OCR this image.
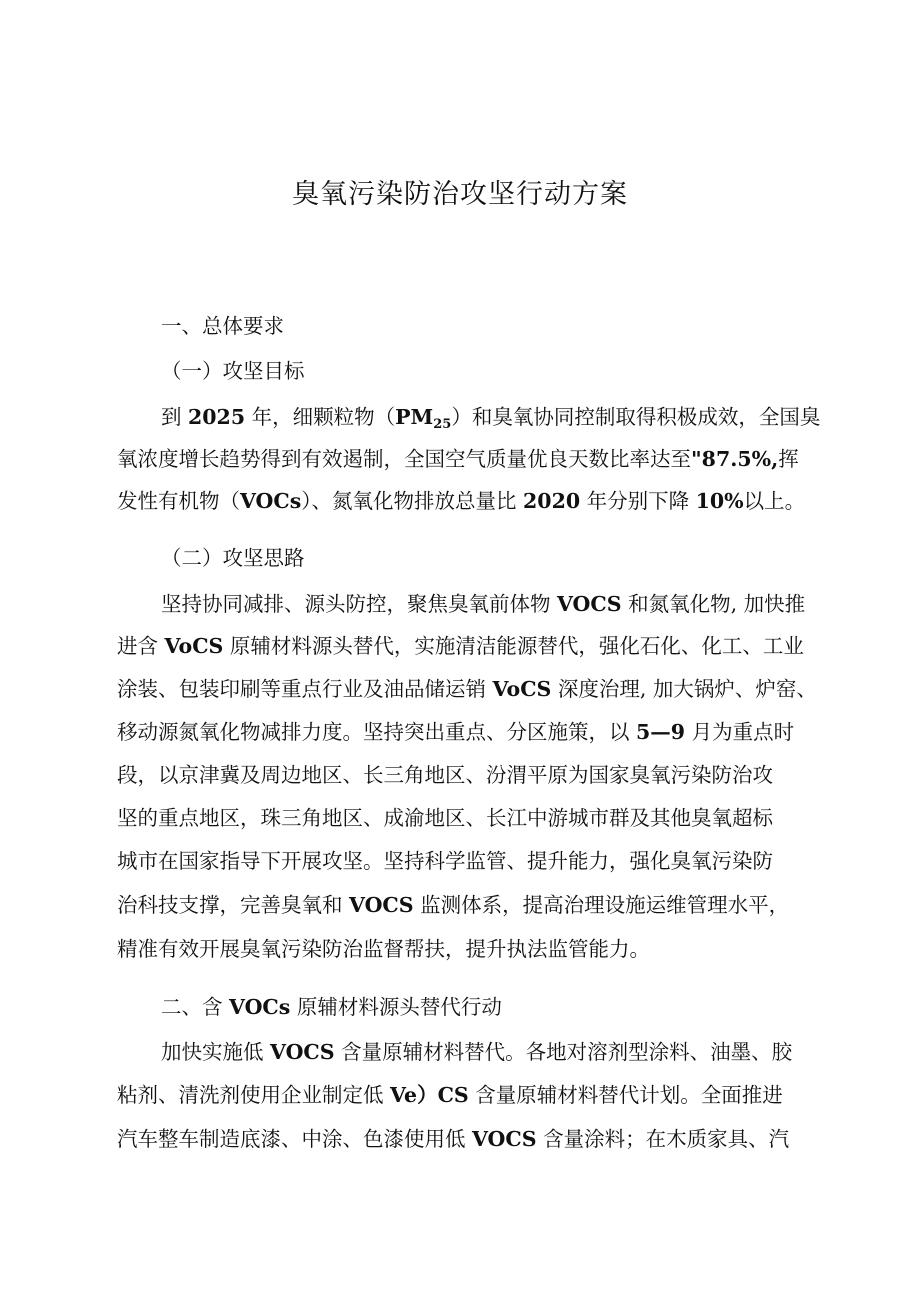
臭氧污染防治攻坚行动方案

一、总体要求

（一）攻坚目标

到 2025 年，细颗粒物$(PM_{25})$和臭氧协同控制取得积极成效，全国臭

氧浓度增长趋势得到有效遏制，全国空气质量优良天数比率达至"87.5%,挥

发性有机物（VOCs）、氮氧化物排放总量比 2020 年分别下降 10%以上。

（二）攻坚思路

坚持协同减排、源头防控，聚焦臭氧前体物 VOCS 和氮氧化物, 加快推

进含 VoCS 原辅材料源头替代，实施清洁能源替代，强化石化、化工、工业

涂装、包装印刷等重点行业及油品储运销 VoCS 深度治理, 加大锅炉、炉窑、

移动源氮氧化物减排力度。坚持突出重点、分区施策，以 5—9 月为重点时

段，以京津冀及周边地区、长三角地区、汾渭平原为国家臭氧污染防治攻

坚的重点地区，珠三角地区、成渝地区、长江中游城市群及其他臭氧超标

城市在国家指导下开展攻坚。坚持科学监管、提升能力，强化臭氧污染防

治科技支撑，完善臭氧和 VOCS 监测体系，提高治理设施运维管理水平，

精准有效开展臭氧污染防治监督帮扶，提升执法监管能力。

二、含 VOCs 原辅材料源头替代行动

加快实施低 VOCS 含量原辅材料替代。各地对溶剂型涂料、油墨、胶

粘剂、清洗剂使用企业制定低 Ve）CS 含量原辅材料替代计划。全面推进

汽车整车制造底漆、中涂、色漆使用低 VOCS 含量涂料；在木质家具、汽
